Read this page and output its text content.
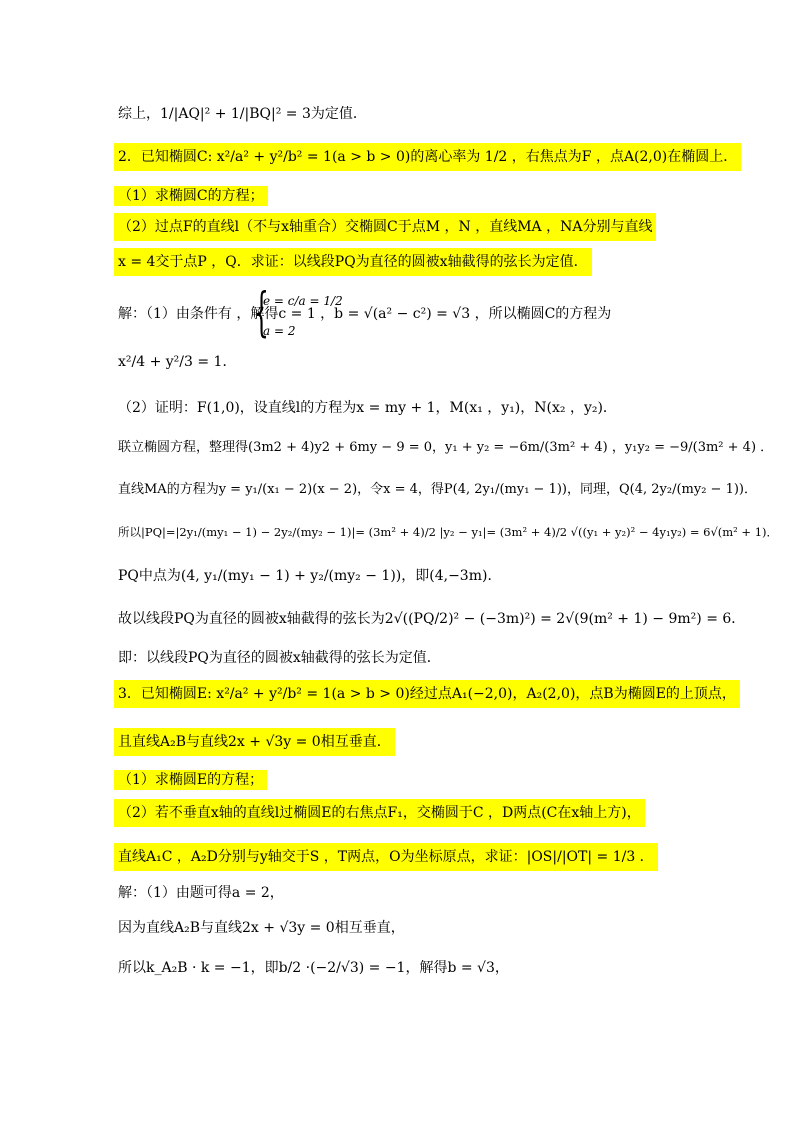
综上，1/|AQ|² + 1/|BQ|² = 3为定值．
2．已知椭圆C: x²/a² + y²/b² = 1(a > b > 0)的离心率为 1/2 ，右焦点为F ，点A(2,0)在椭圆上．
（1）求椭圆C的方程；
（2）过点F的直线l（不与x轴重合）交椭圆C于点M ，N ，直线MA ，NA分别与直线
x = 4交于点P ，Q．求证：以线段PQ为直径的圆被x轴截得的弦长为定值．
解：（1）由条件有 ，解得c = 1 ，b = √(a² − c²) = √3 ，所以椭圆C的方程为
{
e = c/a = 1/2
a = 2
x²/4 + y²/3 = 1．
（2）证明：F(1,0)，设直线l的方程为x = my + 1，M(x₁ ，y₁)，N(x₂ ，y₂)．
联立椭圆方程，整理得(3m2 + 4)y2 + 6my − 9 = 0，y₁ + y₂ = −6m/(3m² + 4) ，y₁y₂ = −9/(3m² + 4) ．
直线MA的方程为y = y₁/(x₁ − 2)(x − 2)，令x = 4，得P(4, 2y₁/(my₁ − 1))，同理，Q(4, 2y₂/(my₂ − 1))．
所以|PQ|=|2y₁/(my₁ − 1) − 2y₂/(my₂ − 1)|= (3m² + 4)/2 |y₂ − y₁|= (3m² + 4)/2 √((y₁ + y₂)² − 4y₁y₂) = 6√(m² + 1)．
PQ中点为(4, y₁/(my₁ − 1) + y₂/(my₂ − 1))，即(4,−3m)．
故以线段PQ为直径的圆被x轴截得的弦长为2√((PQ/2)² − (−3m)²) = 2√(9(m² + 1) − 9m²) = 6．
即：以线段PQ为直径的圆被x轴截得的弦长为定值．
3．已知椭圆E: x²/a² + y²/b² = 1(a > b > 0)经过点A₁(−2,0)，A₂(2,0)，点B为椭圆E的上顶点，
且直线A₂B与直线2x + √3y = 0相互垂直．
（1）求椭圆E的方程；
（2）若不垂直x轴的直线l过椭圆E的右焦点F₁，交椭圆于C ，D两点(C在x轴上方)，
直线A₁C ，A₂D分别与y轴交于S ，T两点，O为坐标原点，求证：|OS|/|OT| = 1/3 ．
解：（1）由题可得a = 2，
因为直线A₂B与直线2x + √3y = 0相互垂直，
所以k_A₂B · k = −1，即b/2 ·(−2/√3) = −1，解得b = √3，
